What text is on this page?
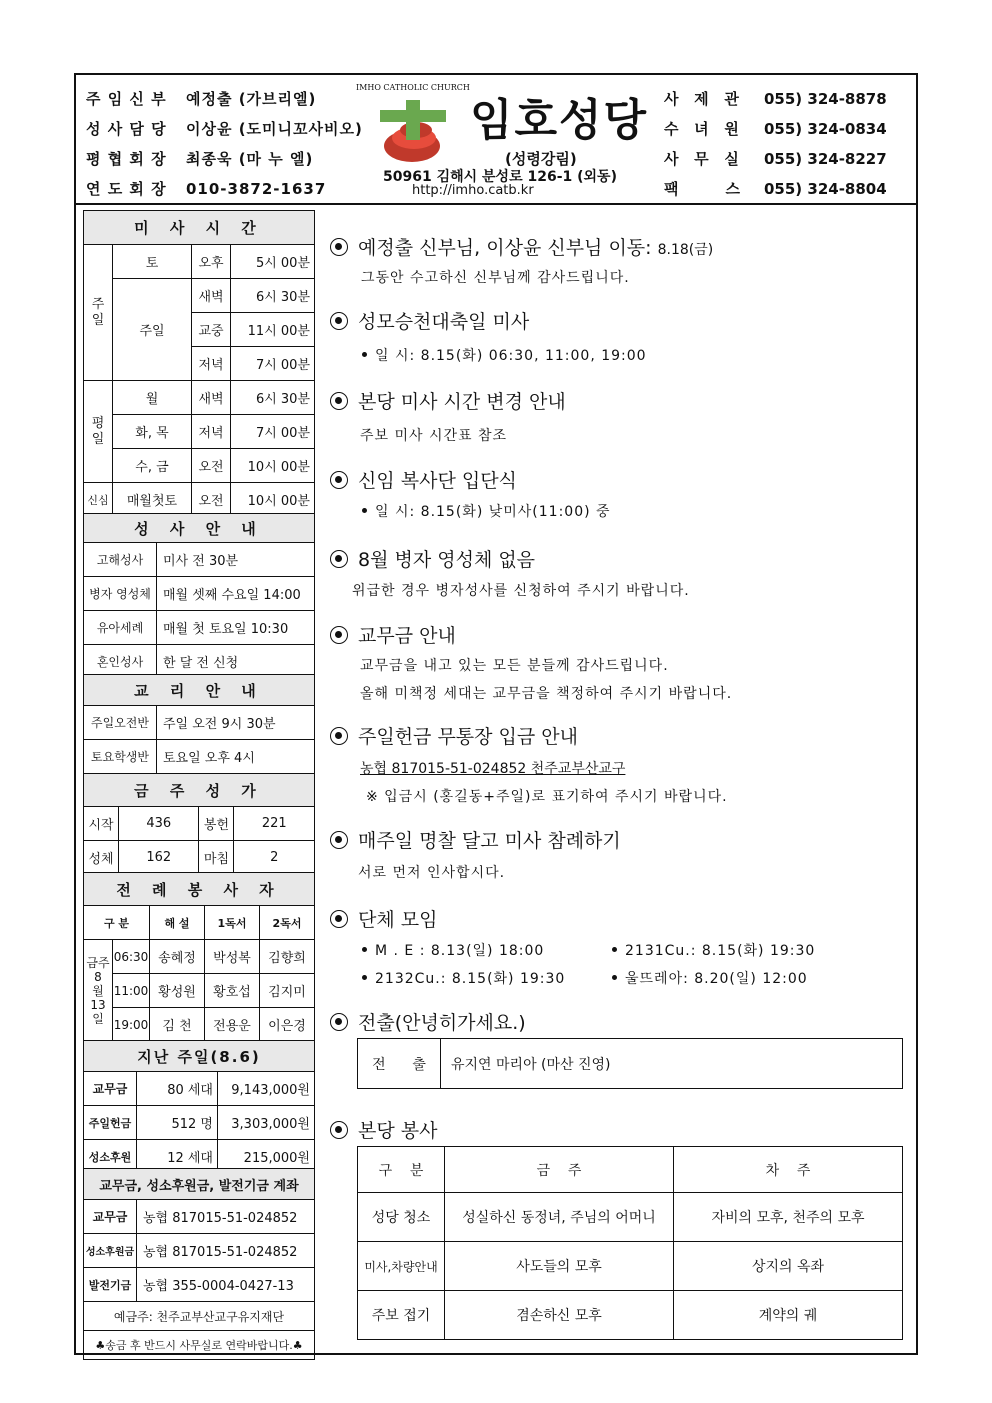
주 임 신 부 예정출 (가브리엘)
성 사 담 당 이상윤 (도미니꼬사비오)
평 협 회 장 최종욱 (마 누 엘)
연 도 회 장 010-3872-1637
IMHO CATHOLIC CHURCH
임호성당
(성령강림)
50961 김해시 분성로 126-1 (외동)
http://imho.catb.kr
사   제   관 055) 324-8878
수   녀   원 055) 324-0834
사   무   실 055) 324-8227
팩         스 055) 324-8804
미 사 시 간			
주
일	토	오후	5시 00분
	주일	새벽	6시 30분
		교중	11시 00분
		저녁	7시 00분
평
일	월	새벽	6시 30분
	화, 목	저녁	7시 00분
	수, 금	오전	10시 00분
신심	매월첫토	오전	10시 00분
성 사 안 내	
고해성사	미사 전 30분
병자 영성체	매월 셋째 수요일 14:00
유아세례	매월 첫 토요일 10:30
혼인성사	한 달 전 신청
교 리 안 내	
주일오전반	주일 오전 9시 30분
토요학생반	토요일 오후 4시
금 주 성 가			
시작	436	봉헌	221
성체	162	마침	2
전 례 봉 사 자				
구 분		해 설	1독서	2독서
금주
8
월
13
일	06:30	송혜정	박성복	김향희
	11:00	황성원	황호섭	김지미
	19:00	김 천	전용운	이은경
지난 주일(8.6)		
교무금	80 세대	9,143,000원
주일헌금	512 명	3,303,000원
성소후원	12 세대	215,000원
교무금, 성소후원금, 발전기금 계좌	
교무금	농협 817015-51-024852
성소후원금	농협 817015-51-024852
발전기금	농협 355-0004-0427-13
예금주: 천주교부산교구유지재단	
♣송금 후 반드시 사무실로 연락바랍니다.♣	
예정출 신부님, 이상윤 신부님 이동: 8.18(금)
그동안 수고하신 신부님께 감사드립니다.
성모승천대축일 미사
일 시: 8.15(화) 06:30, 11:00, 19:00
본당 미사 시간 변경 안내
주보 미사 시간표 참조
신임 복사단 입단식
일 시: 8.15(화) 낮미사(11:00) 중
8월 병자 영성체 없음
위급한 경우 병자성사를 신청하여 주시기 바랍니다.
교무금 안내
교무금을 내고 있는 모든 분들께 감사드립니다.
올해 미책정 세대는 교무금을 책정하여 주시기 바랍니다.
주일헌금 무통장 입금 안내
농협 817015-51-024852 천주교부산교구
※ 입금시 (홍길동+주일)로 표기하여 주시기 바랍니다.
매주일 명찰 달고 미사 참례하기
서로 먼저 인사합시다.
단체 모임
M . E : 8.13(일) 18:00	2131Cu.: 8.15(화) 19:30
2132Cu.: 8.15(화) 19:30	울뜨레아: 8.20(일) 12:00
전출(안녕히가세요.)
전      출	유지연 마리아 (마산 진영)
본당 봉사
구    분	금    주	차    주
성당 청소	성실하신 동정녀, 주님의 어머니	자비의 모후, 천주의 모후
미사,차량안내	사도들의 모후	상지의 옥좌
주보 접기	겸손하신 모후	계약의 궤
